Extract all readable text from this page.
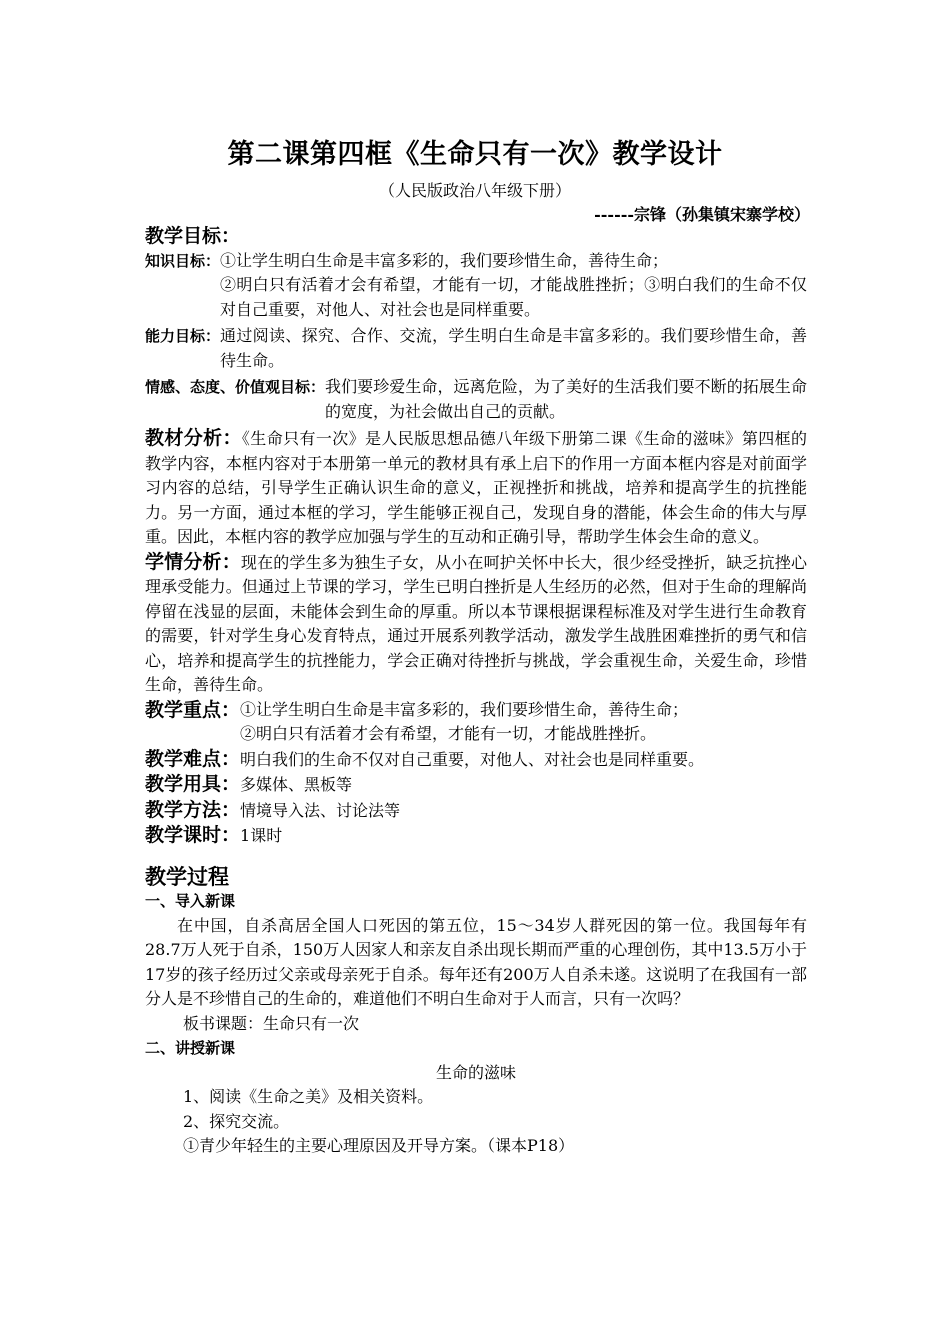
第二课第四框《生命只有一次》教学设计
（人民版政治八年级下册）
------宗锋（孙集镇宋寨学校）
教学目标：
知识目标： ①让学生明白生命是丰富多彩的，我们要珍惜生命，善待生命；
②明白只有活着才会有希望，才能有一切，才能战胜挫折；③明白我们的生命不仅对自己重要，对他人、对社会也是同样重要。
能力目标： 通过阅读、探究、合作、交流，学生明白生命是丰富多彩的。我们要珍惜生命，善待生命。
情感、态度、价值观目标： 我们要珍爱生命，远离危险，为了美好的生活我们要不断的拓展生命的宽度，为社会做出自己的贡献。

教材分析：《生命只有一次》是人民版思想品德八年级下册第二课《生命的滋味》第四框的教学内容，本框内容对于本册第一单元的教材具有承上启下的作用一方面本框内容是对前面学习内容的总结，引导学生正确认识生命的意义，正视挫折和挑战，培养和提高学生的抗挫能力。另一方面，通过本框的学习，学生能够正视自己，发现自身的潜能，体会生命的伟大与厚重。因此，本框内容的教学应加强与学生的互动和正确引导，帮助学生体会生命的意义。

学情分析：现在的学生多为独生子女，从小在呵护关怀中长大，很少经受挫折，缺乏抗挫心理承受能力。但通过上节课的学习，学生已明白挫折是人生经历的必然，但对于生命的理解尚停留在浅显的层面，未能体会到生命的厚重。所以本节课根据课程标准及对学生进行生命教育的需要，针对学生身心发育特点，通过开展系列教学活动，激发学生战胜困难挫折的勇气和信心，培养和提高学生的抗挫能力，学会正确对待挫折与挑战，学会重视生命，关爱生命，珍惜生命，善待生命。

教学重点： ①让学生明白生命是丰富多彩的，我们要珍惜生命，善待生命；
②明白只有活着才会有希望，才能有一切，才能战胜挫折。

教学难点：明白我们的生命不仅对自己重要，对他人、对社会也是同样重要。

教学用具：多媒体、黑板等

教学方法：情境导入法、讨论法等

教学课时：1课时

教学过程
一、导入新课

在中国，自杀高居全国人口死因的第五位，15～34岁人群死因的第一位。我国每年有28.7万人死于自杀，150万人因家人和亲友自杀出现长期而严重的心理创伤，其中13.5万小于17岁的孩子经历过父亲或母亲死于自杀。每年还有200万人自杀未遂。这说明了在我国有一部分人是不珍惜自己的生命的，难道他们不明白生命对于人而言，只有一次吗？

板书课题：生命只有一次

二、讲授新课

生命的滋味

1、阅读《生命之美》及相关资料。

2、探究交流。

①青少年轻生的主要心理原因及开导方案。（课本P18）
